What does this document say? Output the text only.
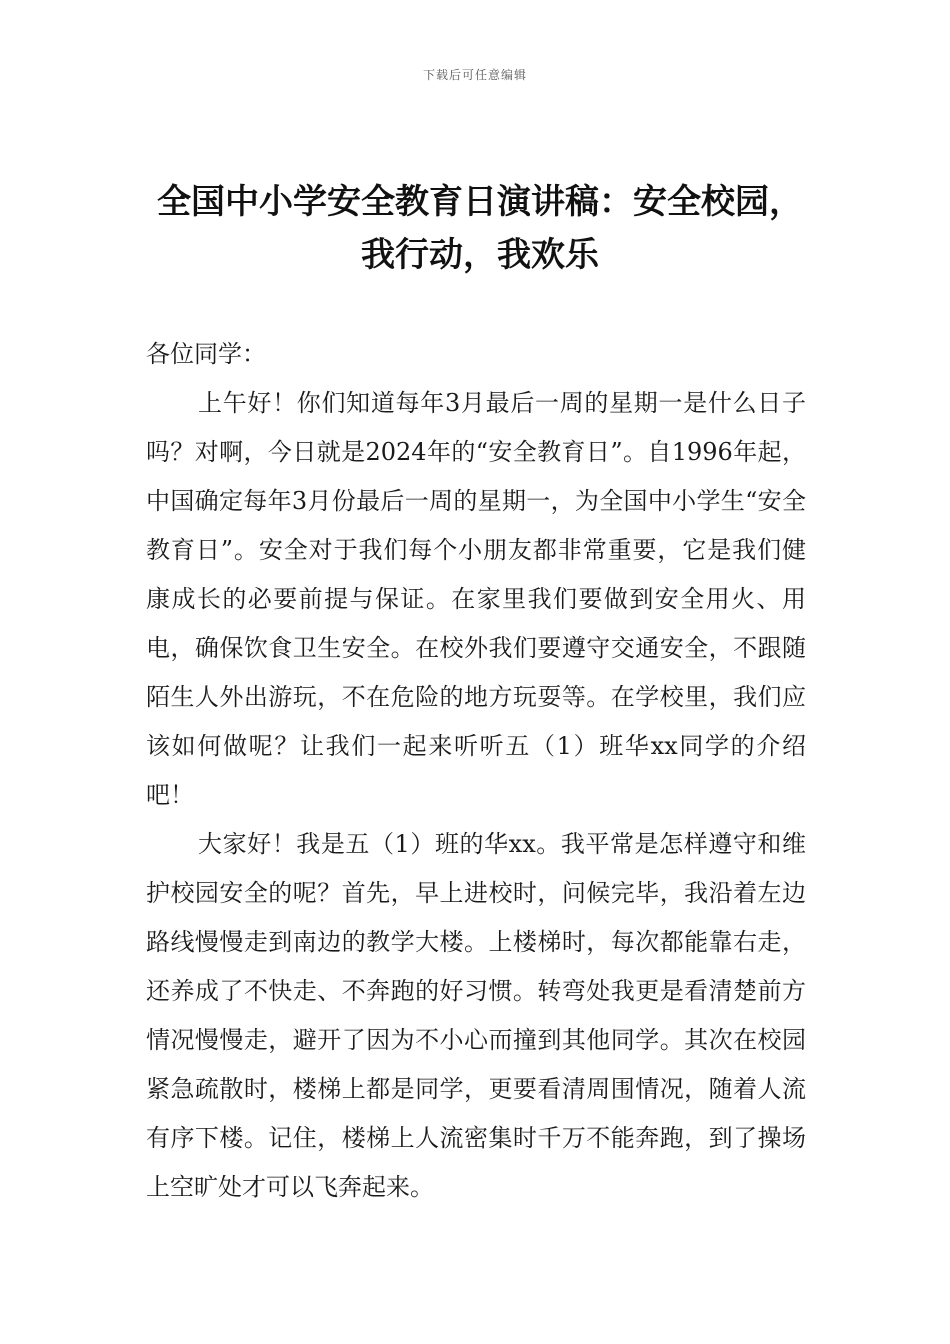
下载后可任意编辑
全国中小学安全教育日演讲稿：安全校园，
我行动，我欢乐

各位同学：

上午好！你们知道每年3月最后一周的星期一是什么日子吗？对啊，今日就是2024年的“安全教育日”。自1996年起，中国确定每年3月份最后一周的星期一，为全国中小学生“安全教育日”。安全对于我们每个小朋友都非常重要，它是我们健康成长的必要前提与保证。在家里我们要做到安全用火、用电，确保饮食卫生安全。在校外我们要遵守交通安全，不跟随陌生人外出游玩，不在危险的地方玩耍等。在学校里，我们应该如何做呢？让我们一起来听听五（1）班华xx同学的介绍吧！

大家好！我是五（1）班的华xx。我平常是怎样遵守和维护校园安全的呢？首先，早上进校时，问候完毕，我沿着左边路线慢慢走到南边的教学大楼。上楼梯时，每次都能靠右走，还养成了不快走、不奔跑的好习惯。转弯处我更是看清楚前方情况慢慢走，避开了因为不小心而撞到其他同学。其次在校园紧急疏散时，楼梯上都是同学，更要看清周围情况，随着人流有序下楼。记住，楼梯上人流密集时千万不能奔跑，到了操场上空旷处才可以飞奔起来。
